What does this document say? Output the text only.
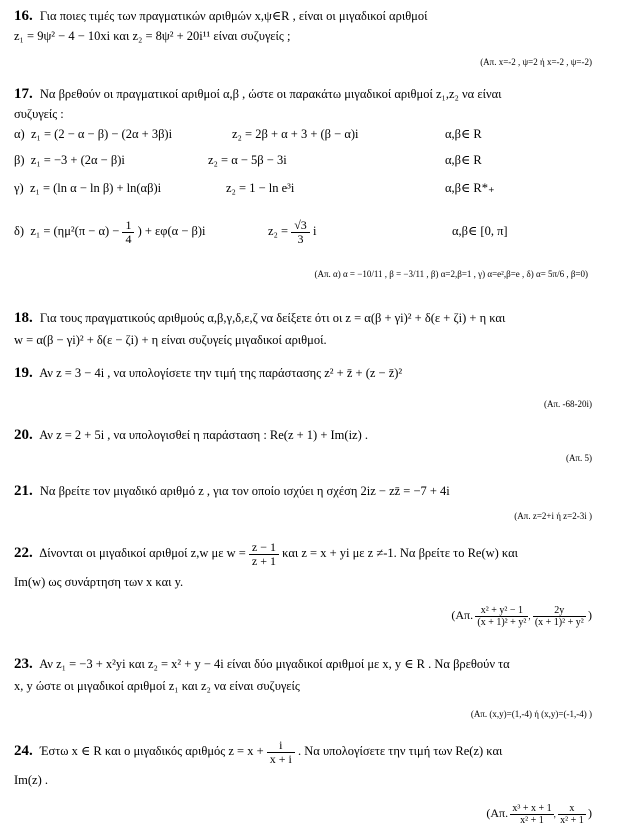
16. Για ποιες τιμές των πραγματικών αριθμών x,ψ∈R , είναι οι μιγαδικοί αριθμοί
z₁ = 9ψ² − 4 − 10xi και z₂ = 8ψ² + 20i¹¹ είναι συζυγείς ;
(Απ. x=-2 , ψ=2 ή x=-2 , ψ=-2)
17. Να βρεθούν οι πραγματικοί αριθμοί α,β , ώστε οι παρακάτω μιγαδικοί αριθμοί z₁,z₂ να είναι
συζυγείς :
α) z₁ = (2 − α − β) − (2α + 3β)i	z₂ = 2β + α + 3 + (β − α)i	α,β∈ R
β) z₁ = −3 + (2α − β)i	z₂ = α − 5β − 3i	α,β∈ R
γ) z₁ = (ln α − ln β) + ln(αβ)i	z₂ = 1 − ln e³i	α,β∈ R*₊
δ) $z_1 = (\eta\mu^2(\pi - \alpha) - \frac{1}{4}$ ) + εφ(α − β)i	$z_2 = \frac{√3}{3}$ i	α,β∈ [0, π]
(Απ. α) α = −10/11 , β = −3/11 , β) α=2,β=1 , γ) α=e²,β=e , δ) α= 5π/6 , β=0)
18. Για τους πραγματικούς αριθμούς α,β,γ,δ,ε,ζ να δείξετε ότι οι z = α(β + γi)² + δ(ε + ζi) + η και
w = α(β − γi)² + δ(ε − ζi) + η είναι συζυγείς μιγαδικοί αριθμοί.
19. Αν z = 3 − 4i , να υπολογίσετε την τιμή της παράστασης z² + z̄ + (z − z̄)²
(Απ. -68-20i)
20. Αν z = 2 + 5i , να υπολογισθεί η παράσταση : Re(z + 1) + Im(iz) .
(Απ. 5)
21. Να βρείτε τον μιγαδικό αριθμό z , για τον οποίο ισχύει η σχέση 2iz − zz̄ = −7 + 4i
(Απ. z=2+i ή z=2-3i )
22. Δίνονται οι μιγαδικοί αριθμοί z,w με $w = \frac{z - 1}{z + 1}$ και z = x + yi με z ≠-1. Να βρείτε το Re(w) και
Im(w) ως συνάρτηση των x και y.
(Απ. $\frac{\text{x² + y² − 1}}{\text{(x + 1)² + y²}}$ , $\frac{2y}{\text{(x + 1)² + y²}}$ )
23. Αν z₁ = −3 + x²yi και z₂ = x² + y − 4i είναι δύο μιγαδικοί αριθμοί με x, y ∈ R . Να βρεθούν τα
x, y ώστε οι μιγαδικοί αριθμοί z₁ και z₂ να είναι συζυγείς
(Απ. (x,y)=(1,-4) ή (x,y)=(-1,-4) )
24. Έστω x ∈ R και ο μιγαδικός αριθμός $z = x + \frac{i}{x + i}$ . Να υπολογίσετε την τιμή των Re(z) και
Im(z) .
(Απ. $\frac{\text{x³ + x + 1}}{\text{x² + 1}}$ , $\frac{x}{\text{x² + 1}}$ )
